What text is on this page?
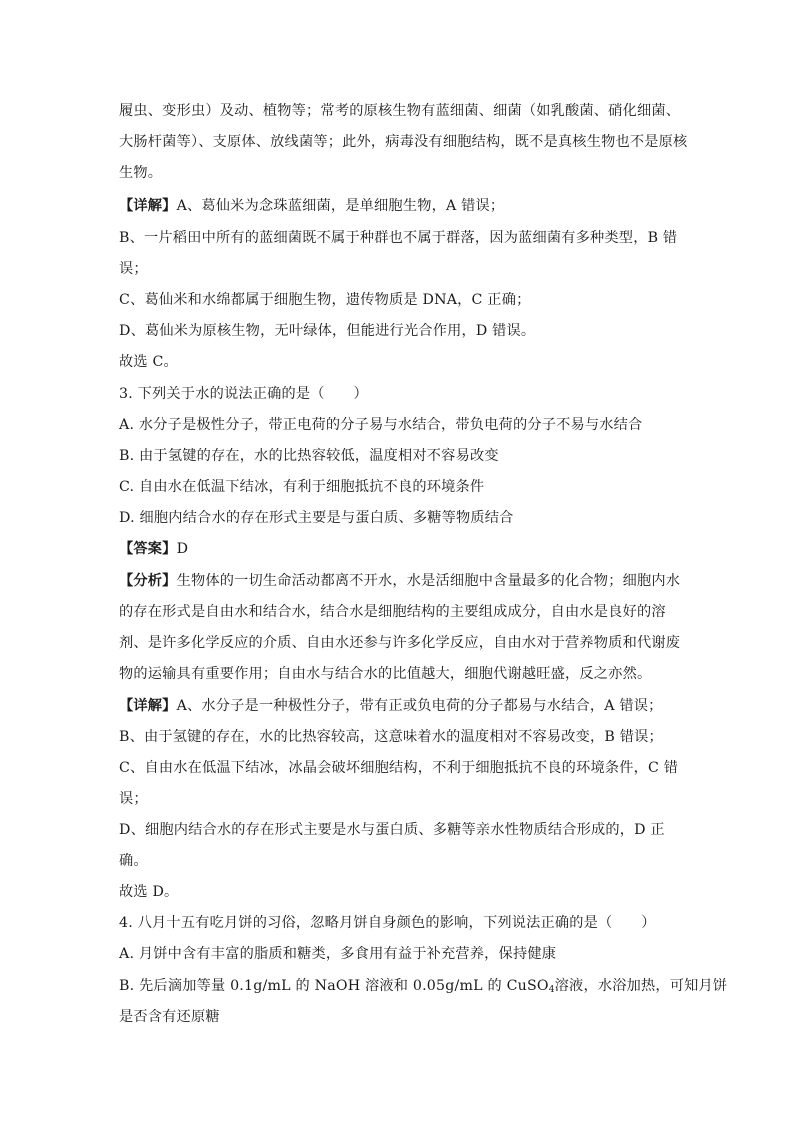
履虫、变形虫）及动、植物等；常考的原核生物有蓝细菌、细菌（如乳酸菌、硝化细菌、
大肠杆菌等）、支原体、放线菌等；此外，病毒没有细胞结构，既不是真核生物也不是原核
生物。
【详解】A、葛仙米为念珠蓝细菌，是单细胞生物，A 错误；
B、一片稻田中所有的蓝细菌既不属于种群也不属于群落，因为蓝细菌有多种类型，B 错
误；
C、葛仙米和水绵都属于细胞生物，遗传物质是 DNA，C 正确；
D、葛仙米为原核生物，无叶绿体，但能进行光合作用，D 错误。
故选 C。
3. 下列关于水的说法正确的是（　　）
A. 水分子是极性分子，带正电荷的分子易与水结合，带负电荷的分子不易与水结合
B. 由于氢键的存在，水的比热容较低，温度相对不容易改变
C. 自由水在低温下结冰，有利于细胞抵抗不良的环境条件
D. 细胞内结合水的存在形式主要是与蛋白质、多糖等物质结合
【答案】D
【分析】生物体的一切生命活动都离不开水，水是活细胞中含量最多的化合物；细胞内水
的存在形式是自由水和结合水，结合水是细胞结构的主要组成成分，自由水是良好的溶
剂、是许多化学反应的介质、自由水还参与许多化学反应，自由水对于营养物质和代谢废
物的运输具有重要作用；自由水与结合水的比值越大，细胞代谢越旺盛，反之亦然。
【详解】A、水分子是一种极性分子，带有正或负电荷的分子都易与水结合，A 错误；
B、由于氢键的存在，水的比热容较高，这意味着水的温度相对不容易改变，B 错误；
C、自由水在低温下结冰，冰晶会破坏细胞结构，不利于细胞抵抗不良的环境条件，C 错
误；
D、细胞内结合水的存在形式主要是水与蛋白质、多糖等亲水性物质结合形成的，D 正
确。
故选 D。
4. 八月十五有吃月饼的习俗，忽略月饼自身颜色的影响，下列说法正确的是（　　）
A. 月饼中含有丰富的脂质和糖类，多食用有益于补充营养，保持健康
B. 先后滴加等量 0.1g/mL 的 NaOH 溶液和 0.05g/mL 的 CuSO$_4$溶液，水浴加热，可知月饼
是否含有还原糖
